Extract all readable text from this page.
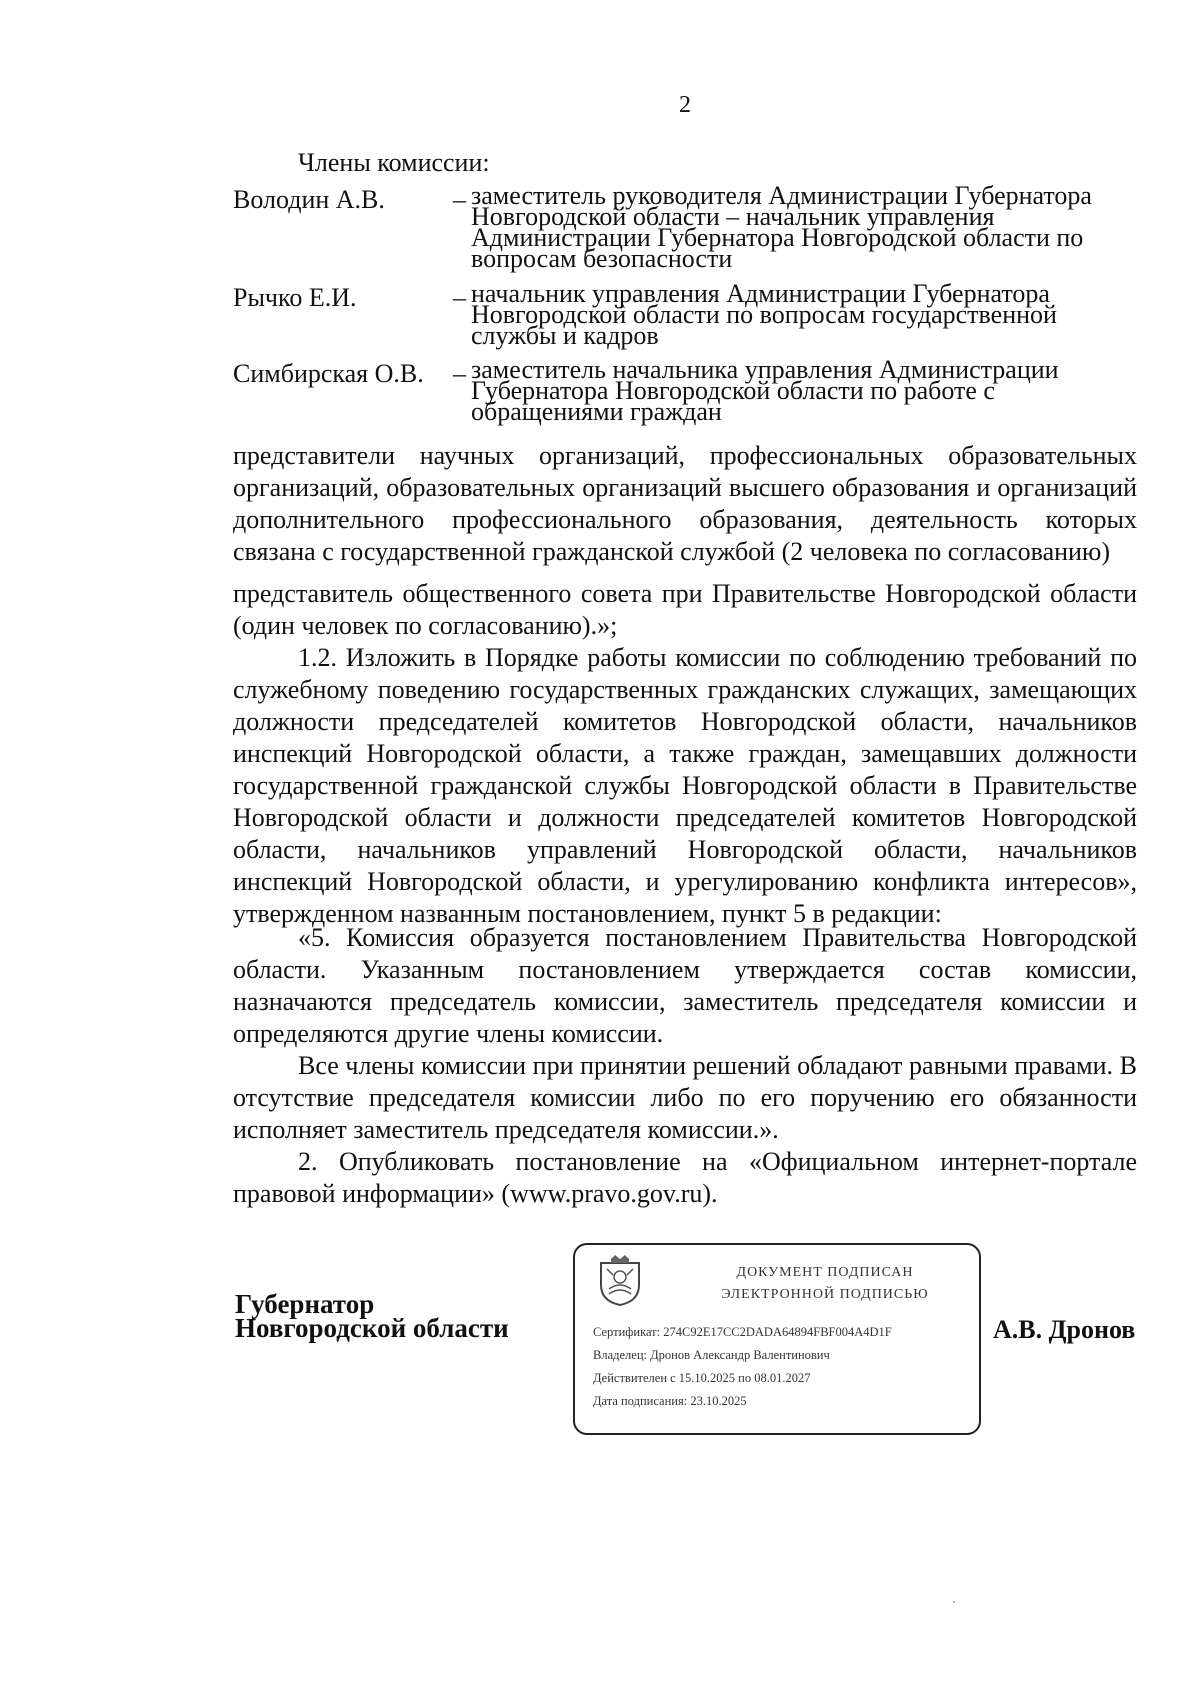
2
Члены комиссии:
Володин А.В.	– заместитель руководителя Администрации Губернатора Новгородской области – начальник управления Администрации Губернатора Новгородской области по вопросам безопасности
Рычко Е.И.	– начальник управления Администрации Губернатора Новгородской области по вопросам государственной службы и кадров
Симбирская О.В. – заместитель начальника управления Администрации Губернатора Новгородской области по работе с обращениями граждан
представители научных организаций, профессиональных образовательных организаций, образовательных организаций высшего образования и организаций дополнительного профессионального образования, деятельность которых связана с государственной гражданской службой (2 человека по согласованию)
представитель общественного совета при Правительстве Новгородской области (один человек по согласованию).»;
1.2. Изложить в Порядке работы комиссии по соблюдению требований по служебному поведению государственных гражданских служащих, замещающих должности председателей комитетов Новгородской области, начальников инспекций Новгородской области, а также граждан, замещавших должности государственной гражданской службы Новгородской области в Правительстве Новгородской области и должности председателей комитетов Новгородской области, начальников управлений Новгородской области, начальников инспекций Новгородской области, и урегулированию конфликта интересов», утвержденном названным постановлением, пункт 5 в редакции:
«5. Комиссия образуется постановлением Правительства Новгородской области. Указанным постановлением утверждается состав комиссии, назначаются председатель комиссии, заместитель председателя комиссии и определяются другие члены комиссии.
Все члены комиссии при принятии решений обладают равными правами. В отсутствие председателя комиссии либо по его поручению его обязанности исполняет заместитель председателя комиссии.».
2. Опубликовать постановление на «Официальном интернет-портале правовой информации» (www.pravo.gov.ru).
Губернатор
Новгородской области
ДОКУМЕНТ ПОДПИСАН
ЭЛЕКТРОННОЙ ПОДПИСЬЮ
Сертификат: 274C92E17CC2DADA64894FBF004A4D1F
Владелец: Дронов Александр Валентинович
Действителен с 15.10.2025 по 08.01.2027
Дата подписания: 23.10.2025
А.В. Дронов
